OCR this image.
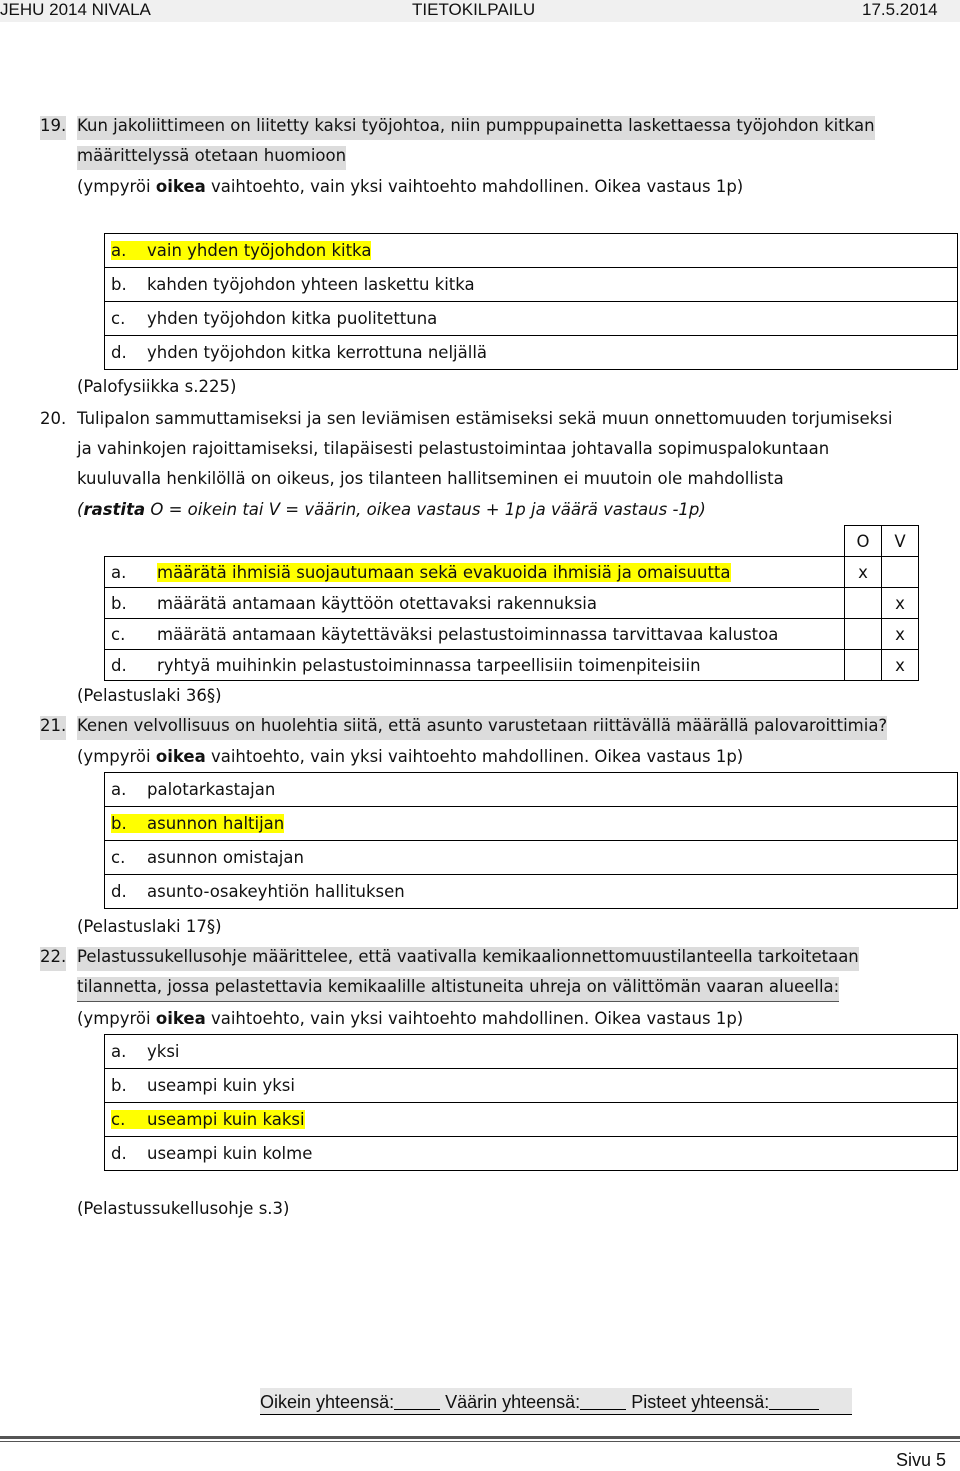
JEHU 2014 NIVALA	TIETOKILPAILU	17.5.2014
19. Kun jakoliittimeen on liitetty kaksi työjohtoa, niin pumppupainetta laskettaessa työjohdon kitkan
määrittelyssä otetaan huomioon
(ympyröi oikea vaihtoehto, vain yksi vaihtoehto mahdollinen. Oikea vastaus 1p)
a. vain yhden työjohdon kitka
b. kahden työjohdon yhteen laskettu kitka
c. yhden työjohdon kitka puolitettuna
d. yhden työjohdon kitka kerrottuna neljällä
(Palofysiikka s.225)
20. Tulipalon sammuttamiseksi ja sen leviämisen estämiseksi sekä muun onnettomuuden torjumiseksi
ja vahinkojen rajoittamiseksi, tilapäisesti pelastustoimintaa johtavalla sopimuspalokuntaan
kuuluvalla henkilöllä on oikeus, jos tilanteen hallitseminen ei muutoin ole mahdollista
(rastita O = oikein tai V = väärin, oikea vastaus + 1p ja väärä vastaus -1p)
	O	V
a. määrätä ihmisiä suojautumaan sekä evakuoida ihmisiä ja omaisuutta	x	
b. määrätä antamaan käyttöön otettavaksi rakennuksia		x
c. määrätä antamaan käytettäväksi pelastustoiminnassa tarvittavaa kalustoa		x
d. ryhtyä muihinkin pelastustoiminnassa tarpeellisiin toimenpiteisiin		x
(Pelastuslaki 36§)
21. Kenen velvollisuus on huolehtia siitä, että asunto varustetaan riittävällä määrällä palovaroittimia?
(ympyröi oikea vaihtoehto, vain yksi vaihtoehto mahdollinen. Oikea vastaus 1p)
a. palotarkastajan
b. asunnon haltijan
c. asunnon omistajan
d. asunto-osakeyhtiön hallituksen
(Pelastuslaki 17§)
22. Pelastussukellusohje määrittelee, että vaativalla kemikaalionnettomuustilanteella tarkoitetaan
tilannetta, jossa pelastettavia kemikaalille altistuneita uhreja on välittömän vaaran alueella:
(ympyröi oikea vaihtoehto, vain yksi vaihtoehto mahdollinen. Oikea vastaus 1p)
a. yksi
b. useampi kuin yksi
c. useampi kuin kaksi
d. useampi kuin kolme
(Pelastussukellusohje s.3)
Oikein yhteensä:	Väärin yhteensä:	Pisteet yhteensä:
Sivu 5
